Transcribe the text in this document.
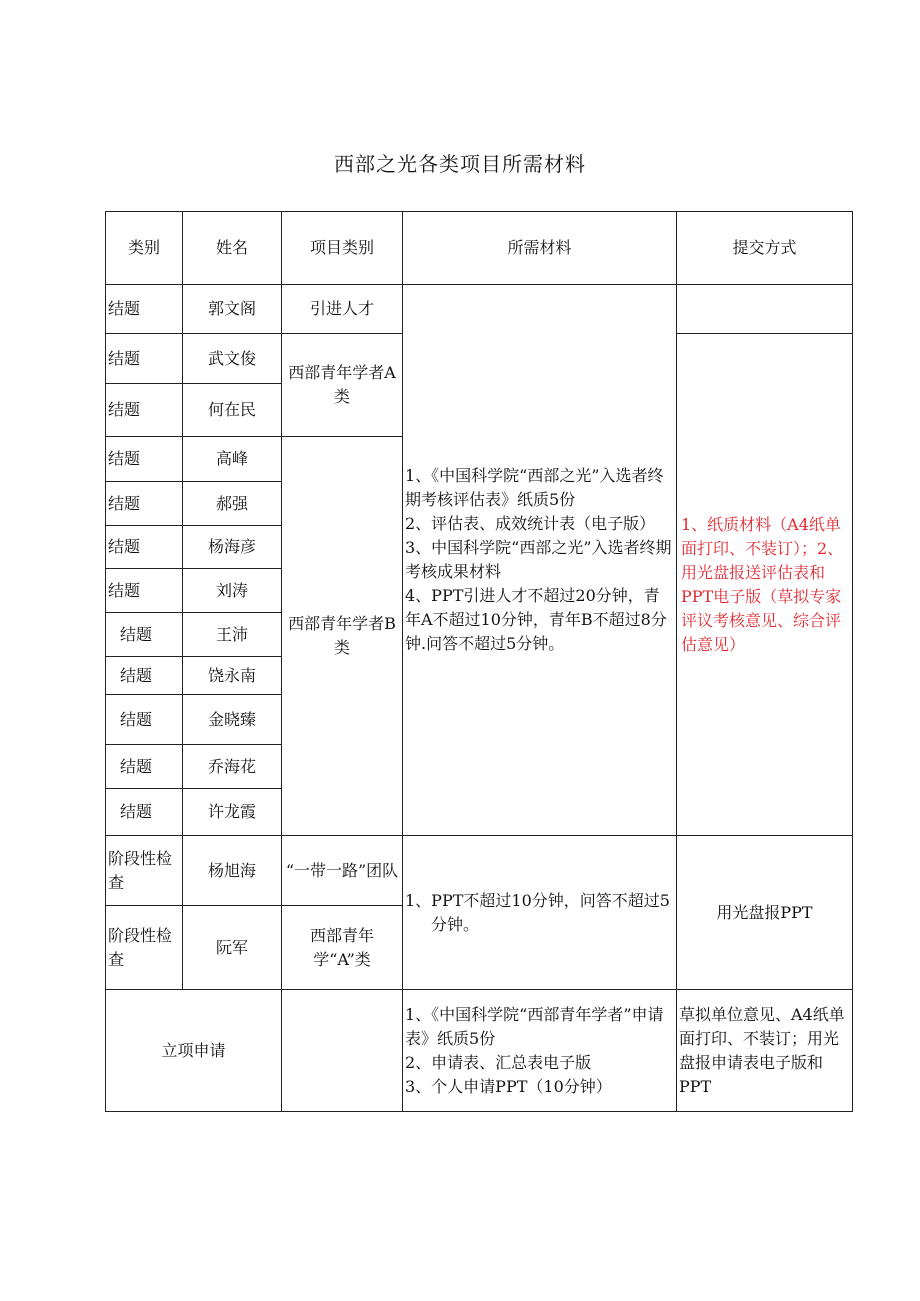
西部之光各类项目所需材料
类别	姓名	项目类别	所需材料	提交方式
结题	郭文阁	引进人才	1、《中国科学院“西部之光”入选者终期考核评估表》纸质5份
2、评估表、成效统计表（电子版）
3、中国科学院“西部之光”入选者终期考核成果材料
4、PPT引进人才不超过20分钟，青年A不超过10分钟，青年B不超过8分钟.问答不超过5分钟。	

结题	武文俊	西部青年学者A类		1、纸质材料（A4纸单面打印、不装订）；2、用光盘报送评估表和PPT电子版（草拟专家评议考核意见、综合评估意见）
结题	何在民			
结题	高峰	西部青年学者B类		
结题	郝强			
结题	杨海彦			
结题	刘涛			
结题	王沛			
结题	饶永南			
结题	金晓臻			
结题	乔海花			
结题	许龙霞			
阶段性检查	杨旭海	“一带一路”团队	1、PPT不超过10分钟，问答不超过5分钟。	用光盘报PPT
阶段性检查	阮军	西部青年学“A”类		
立项申请			1、《中国科学院“西部青年学者”申请表》纸质5份
2、申请表、汇总表电子版
3、个人申请PPT（10分钟）	草拟单位意见、A4纸单面打印、不装订；用光盘报申请表电子版和PPT
